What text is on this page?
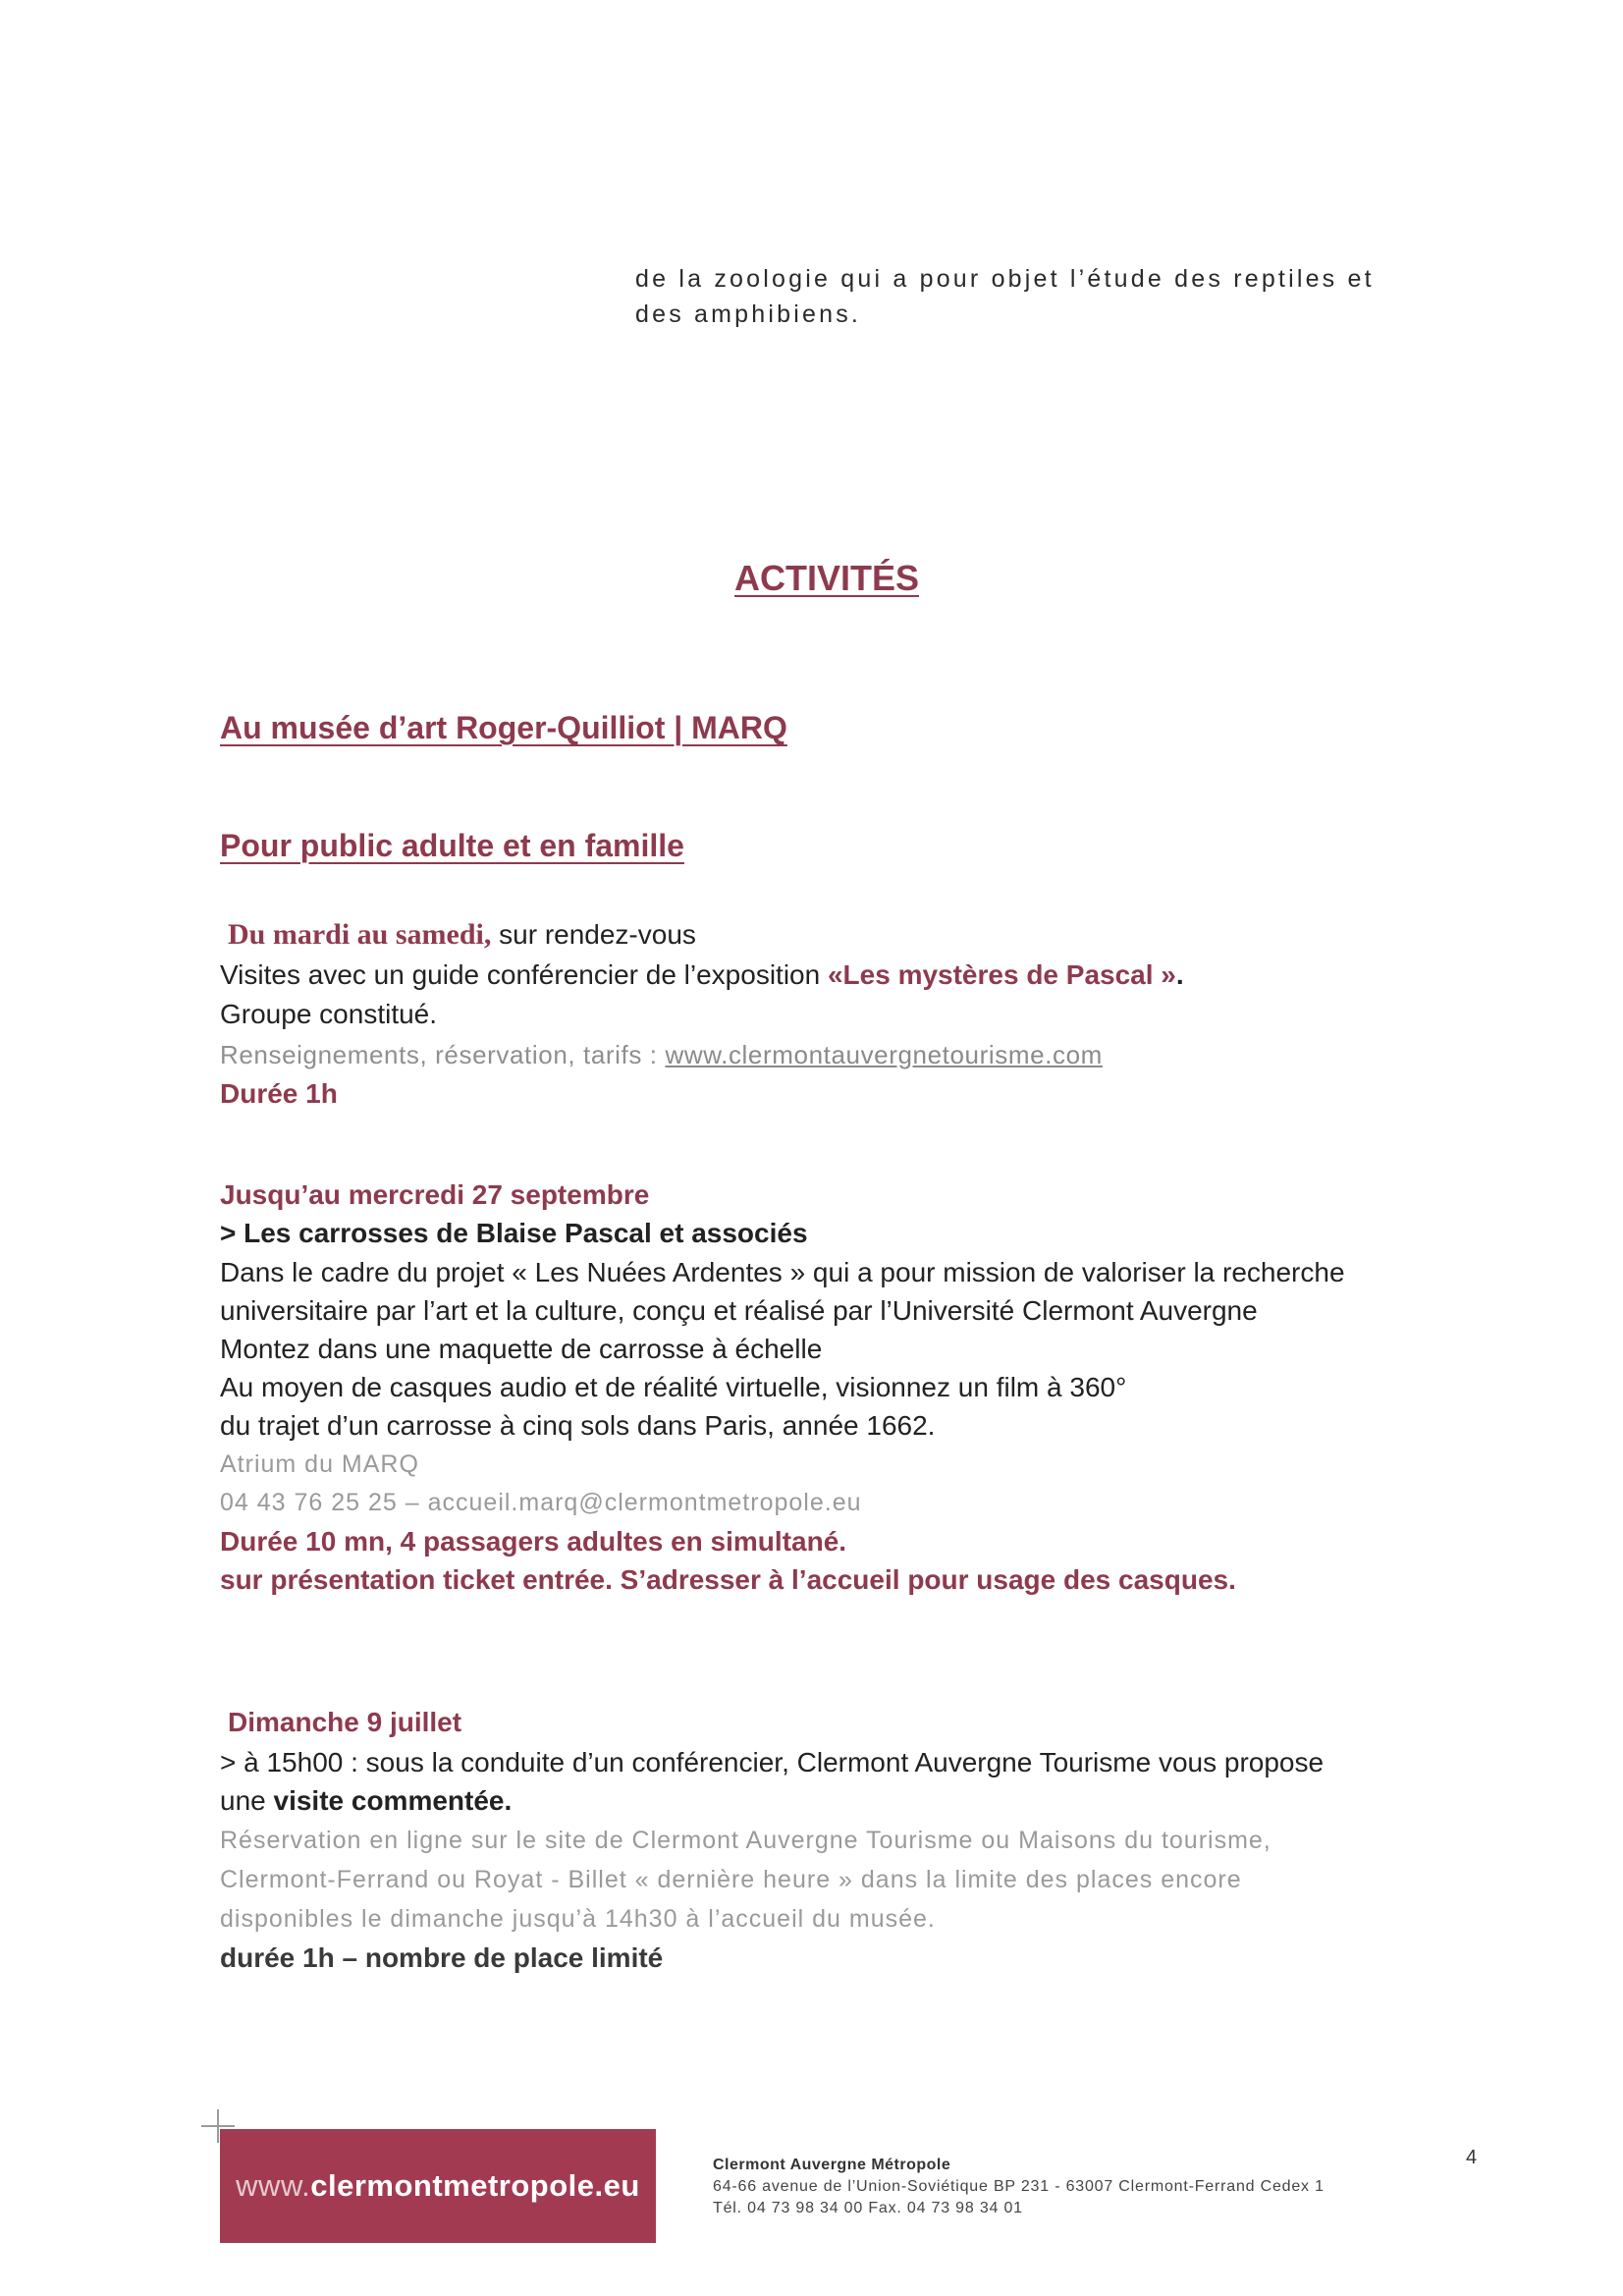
de la zoologie qui a pour objet l’étude des reptiles et
des amphibiens.
ACTIVITÉS
Au musée d’art Roger-Quilliot | MARQ
Pour public adulte et en famille
Du mardi au samedi, sur rendez-vous
Visites avec un guide conférencier de l’exposition «Les mystères de Pascal ».
Groupe constitué.
Renseignements, réservation, tarifs : www.clermontauvergnetourisme.com
Durée 1h
Jusqu’au mercredi 27 septembre
> Les carrosses de Blaise Pascal et associés
Dans le cadre du projet « Les Nuées Ardentes » qui a pour mission de valoriser la recherche
universitaire par l’art et la culture, conçu et réalisé par l’Université Clermont Auvergne
Montez dans une maquette de carrosse à échelle
Au moyen de casques audio et de réalité virtuelle, visionnez un film à 360°
du trajet d’un carrosse à cinq sols dans Paris, année 1662.
Atrium du MARQ
04 43 76 25 25 – accueil.marq@clermontmetropole.eu
Durée 10 mn, 4 passagers adultes en simultané.
sur présentation ticket entrée. S’adresser à l’accueil pour usage des casques.
Dimanche 9 juillet
> à 15h00 : sous la conduite d’un conférencier, Clermont Auvergne Tourisme vous propose
une visite commentée.
Réservation en ligne sur le site de Clermont Auvergne Tourisme ou Maisons du tourisme,
Clermont-Ferrand ou Royat - Billet « dernière heure » dans la limite des places encore
disponibles le dimanche jusqu’à 14h30 à l’accueil du musée.
durée 1h – nombre de place limité
www.clermontmetropole.eu
Clermont Auvergne Métropole
64-66 avenue de l’Union-Soviétique BP 231 - 63007 Clermont-Ferrand Cedex 1
Tél. 04 73 98 34 00 Fax. 04 73 98 34 01
4
